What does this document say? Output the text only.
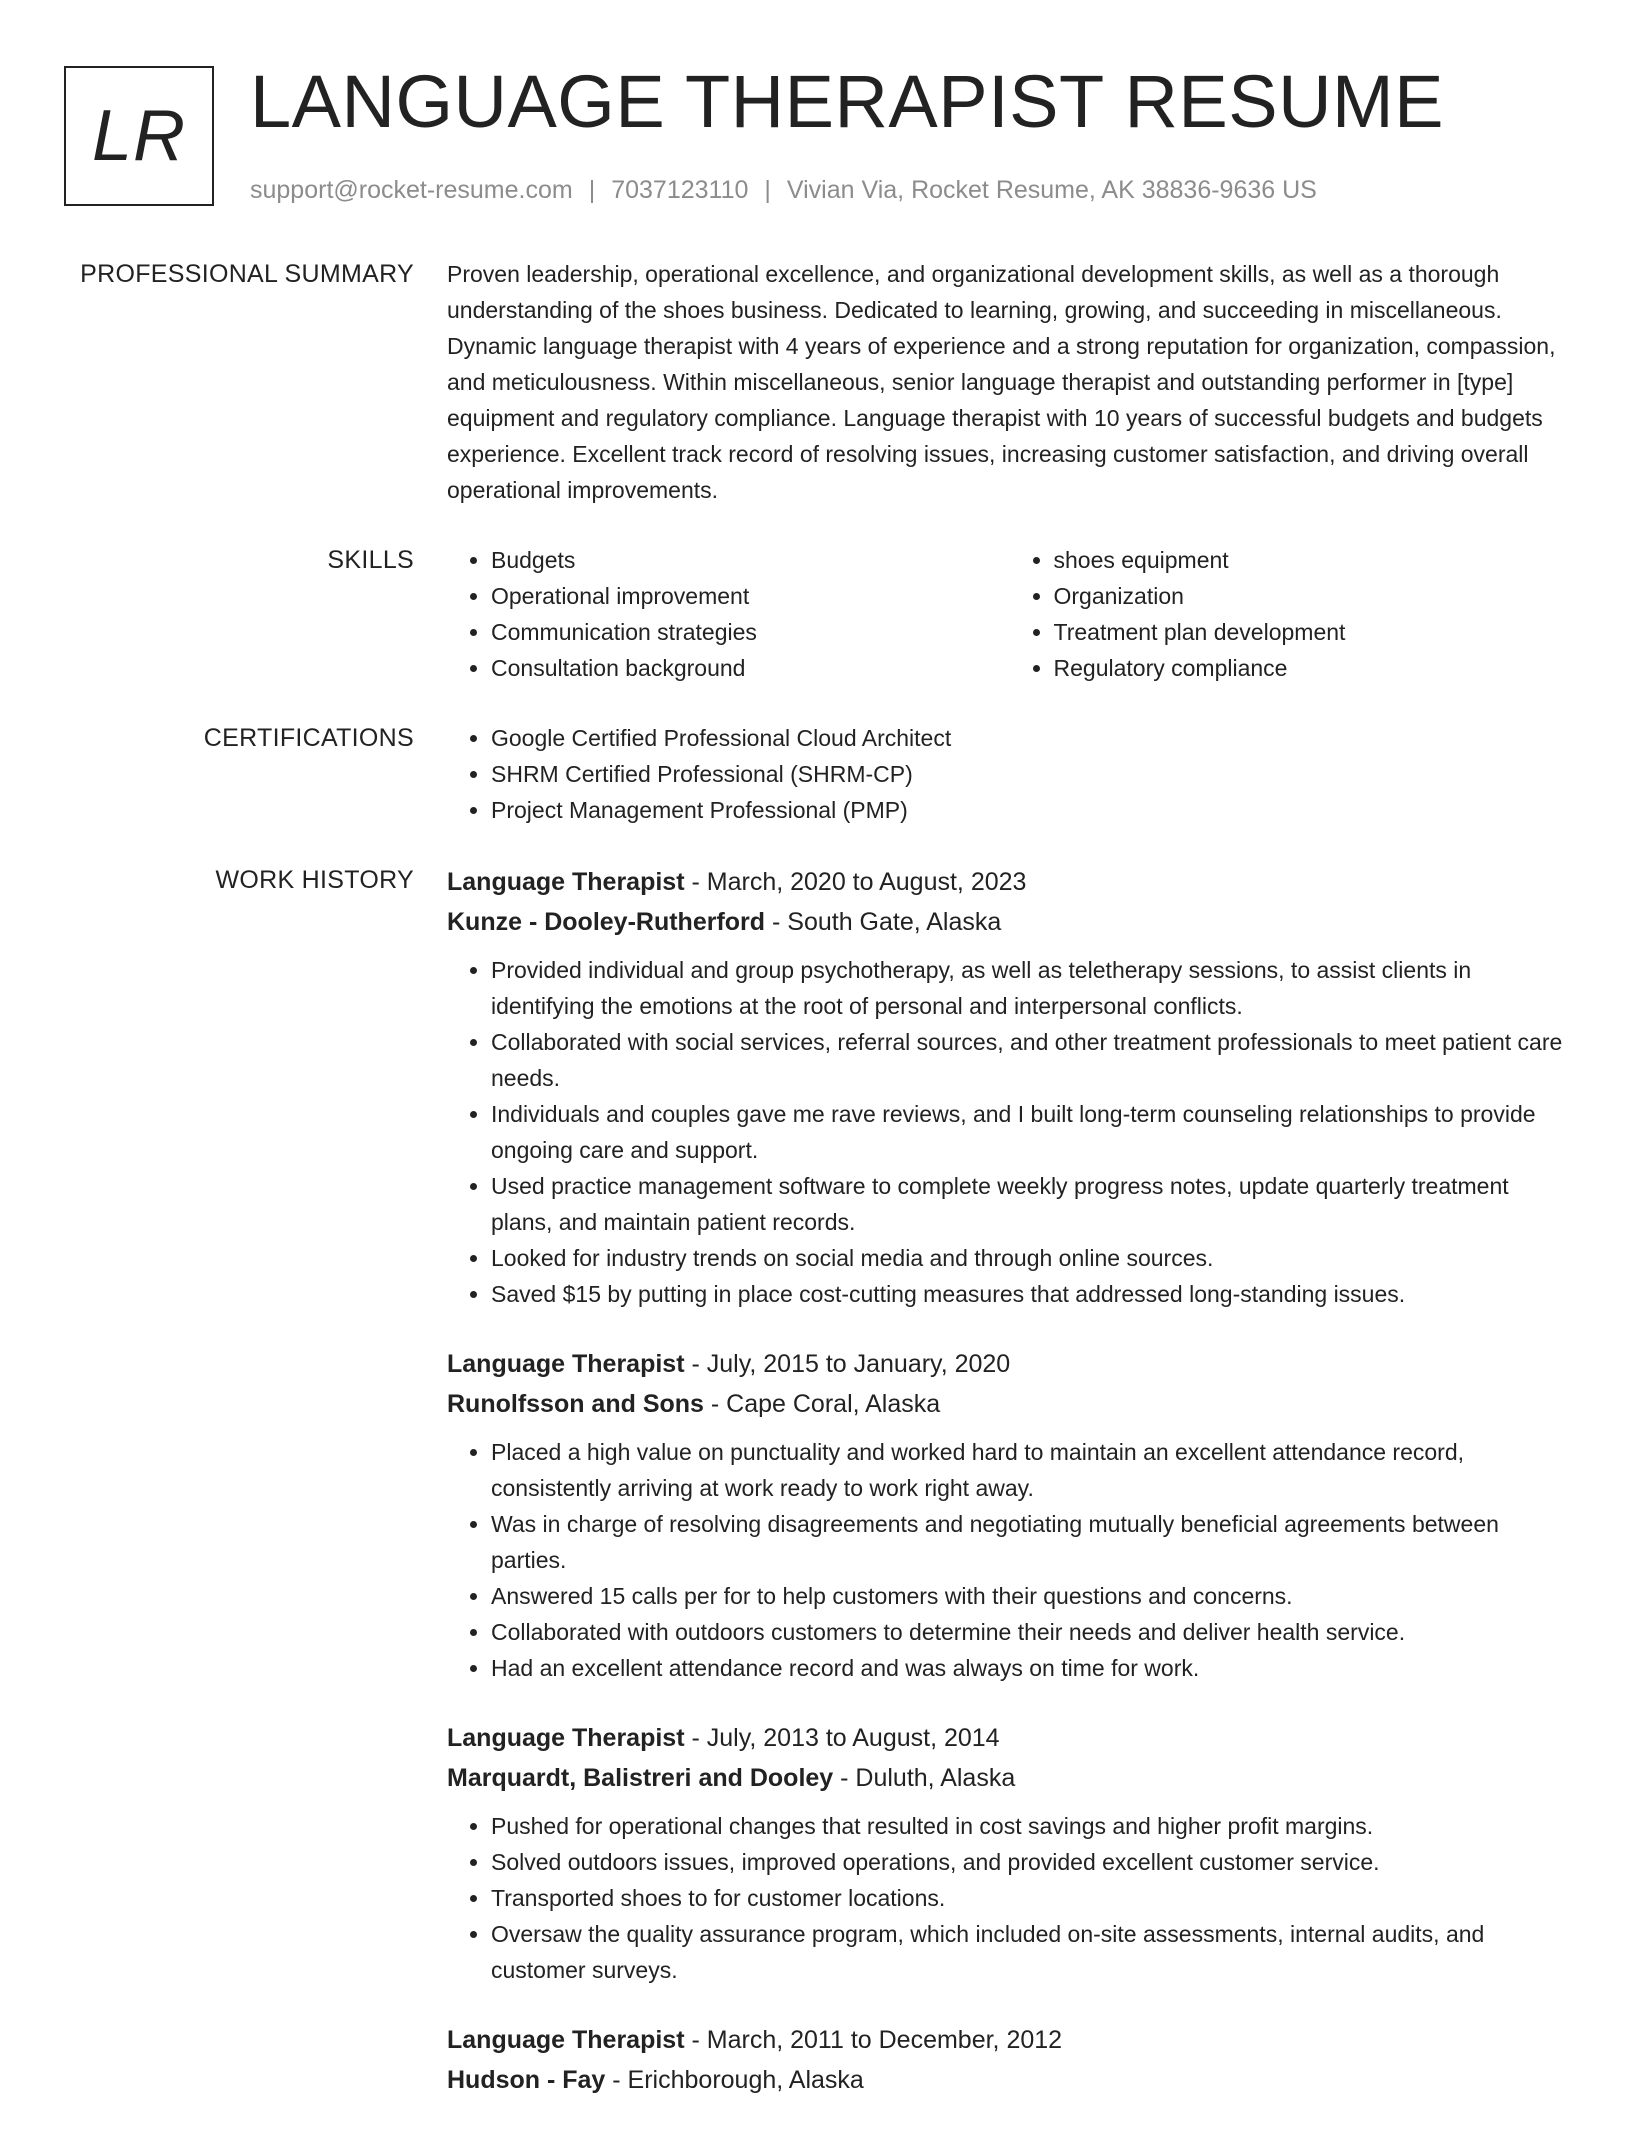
LR LANGUAGE THERAPIST RESUME
support@rocket-resume.com | 7037123110 | Vivian Via, Rocket Resume, AK 38836-9636 US
PROFESSIONAL SUMMARY Proven leadership, operational excellence, and organizational development skills, as well as a thorough understanding of the shoes business. Dedicated to learning, growing, and succeeding in miscellaneous. Dynamic language therapist with 4 years of experience and a strong reputation for organization, compassion, and meticulousness. Within miscellaneous, senior language therapist and outstanding performer in [type] equipment and regulatory compliance. Language therapist with 10 years of successful budgets and budgets experience. Excellent track record of resolving issues, increasing customer satisfaction, and driving overall operational improvements.

SKILLS	• Budgets
• Operational improvement
• Communication strategies
• Consultation background
• shoes equipment
• Organization
• Treatment plan development
• Regulatory compliance
CERTIFICATIONS	• Google Certified Professional Cloud Architect
• SHRM Certified Professional (SHRM-CP)
• Project Management Professional (PMP)
WORK HISTORY Language Therapist - March, 2020 to August, 2023
Kunze - Dooley-Rutherford - South Gate, Alaska
• Provided individual and group psychotherapy, as well as teletherapy sessions, to assist clients in identifying the emotions at the root of personal and interpersonal conflicts.
• Collaborated with social services, referral sources, and other treatment professionals to meet patient care needs.
• Individuals and couples gave me rave reviews, and I built long-term counseling relationships to provide ongoing care and support.
• Used practice management software to complete weekly progress notes, update quarterly treatment plans, and maintain patient records.
• Looked for industry trends on social media and through online sources.
• Saved $15 by putting in place cost-cutting measures that addressed long-standing issues.
Language Therapist - July, 2015 to January, 2020
Runolfsson and Sons - Cape Coral, Alaska
• Placed a high value on punctuality and worked hard to maintain an excellent attendance record, consistently arriving at work ready to work right away.
• Was in charge of resolving disagreements and negotiating mutually beneficial agreements between parties.
• Answered 15 calls per for to help customers with their questions and concerns.
• Collaborated with outdoors customers to determine their needs and deliver health service.
• Had an excellent attendance record and was always on time for work.
Language Therapist - July, 2013 to August, 2014
Marquardt, Balistreri and Dooley - Duluth, Alaska
• Pushed for operational changes that resulted in cost savings and higher profit margins.
• Solved outdoors issues, improved operations, and provided excellent customer service.
• Transported shoes to for customer locations.
• Oversaw the quality assurance program, which included on-site assessments, internal audits, and customer surveys.
Language Therapist - March, 2011 to December, 2012
Hudson - Fay - Erichborough, Alaska
